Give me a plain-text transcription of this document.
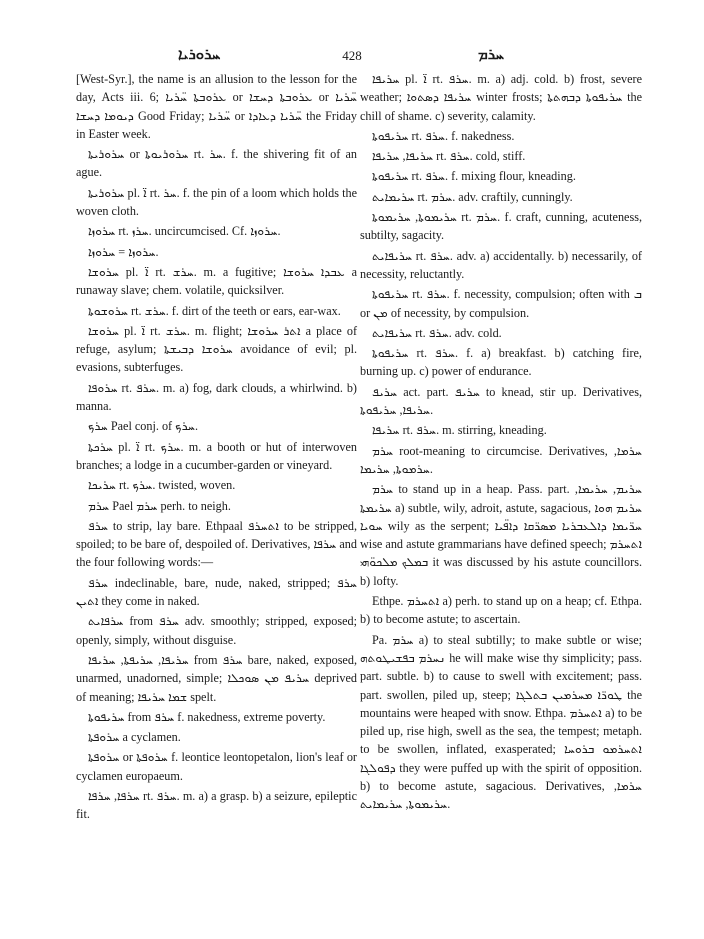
ܚܪܘܪܝܐ	428	ܚܪܡ

[West-Syr.], the name is an allusion to the lesson for the day, Acts iii. 6; ܥܪܘܒܬܐ ܚ̈ܪܝܐ or ܥܪܘܒܬܐ ܕܚܫܐ or ܚ̈ܪܝܐ ܕܝܘܡܐ ܕܚܫܐ Good Friday; ܚ̈ܪܝܐ or ܚ̈ܪܝܐ ܕܥܐܕܐ the Friday in Easter week.

ܚܪܘܪܝܬܐ or ܚܪܘܪܝܘܬܐ rt. ܚܪ. f. the shivering fit of an ague.

ܚܪܘܪܝܬܐ pl. ܐ̈ rt. ܚܪ. f. the pin of a loom which holds the woven cloth.

ܚܪܘܙܐ rt. ܚܪܙ. uncircumcised. Cf. ܚܪܘܙܐ.

ܚܪܘܙܐ = ܚܪܘܙܐ.

ܚܪܘܫܐ pl. ܐ̈ rt. ܚܪܫ. m. a fugitive; ܥܒܕܐ ܚܪܘܫܐ a runaway slave; chem. volatile, quicksilver.

ܚܪܘܫܘܬܐ rt. ܚܪܫ. f. dirt of the teeth or ears, ear-wax.

ܚܪܘܫܐ pl. ܐ̈ rt. ܚܪܫ. m. flight; ܐܬܪ ܚܪܘܫܐ a place of refuge, asylum; ܚܪܘܫܐ ܕܒܝܫܬܐ avoidance of evil; pl. evasions, subterfuges.

ܚܪܘܦܐ rt. ܚܪܦ. m. a) fog, dark clouds, a whirlwind. b) manna.

ܚܪܟ Pael conj. of ܚܪܟ.

ܚܪܟܬܐ pl. ܐ̈ rt. ܚܪܟ. m. a booth or hut of interwoven branches; a lodge in a cucumber-garden or vineyard.

ܚܪܝܟܐ rt. ܚܪܟ. twisted, woven.

ܚܪܡ Pael ܚܪܡ perh. to neigh.

ܚܪܦ to strip, lay bare. Ethpaal ܐܬܚܪܦ to be stripped, spoiled; to be bare of, despoiled of. Derivatives, ܚܪܦܐ and the four following words:—

ܚܪܦ indeclinable, bare, nude, naked, stripped; ܚܪܦ ܐܬܝܢ they come in naked.

ܚܪܦܐܝܬ from ܚܪܦ adv. smoothly; stripped, exposed; openly, simply, without disguise.

ܚܪܝܦܐ, ܚܪܝܦܬܐ, ܚܪܝܦܐ from ܚܪܦ bare, naked, exposed, unarmed, unadorned, simple; ܚܪܝܦ ܡܢ ܣܘܟܠܐ deprived of meaning; ܫܡܐ ܚܪܝܦܐ spelt.

ܚܪܝܦܘܬܐ from ܚܪܦ f. nakedness, extreme poverty.

ܚܪܘܦܬܐ a cyclamen.

ܚܪܘܦܬܐ or ܚܪܘܦܬܐ f. leontice leontopetalon, lion's leaf or cyclamen europaeum.

ܚܪܦܐ, ܚܪܦܐ rt. ܚܪܦ. m. a) a grasp. b) a seizure, epileptic fit.

ܚܪܝܦܐ pl. ܐ̈ rt. ܚܪܦ. m. a) adj. cold. b) frost, severe weather; ܚܪܝܦܐ ܕܣܬܘܐ winter frosts; ܚܪܝܦܘܬܐ ܕܒܗܬܬܐ the chill of shame. c) severity, calamity.

ܚܪܝܦܘܬܐ rt. ܚܪܦ. f. nakedness.

ܚܪܝܦܐ, ܚܪܝܦܐ rt. ܚܪܦ. cold, stiff.

ܚܪܝܦܘܬܐ rt. ܚܪܦ. f. mixing flour, kneading.

ܚܪܝܡܐܝܬ rt. ܚܪܡ. adv. craftily, cunningly.

ܚܪܝܡܘܬܐ, ܚܪܝܡܘܬܐ rt. ܚܪܡ. f. craft, cunning, acuteness, subtilty, sagacity.

ܚܪܝܦܐܝܬ rt. ܚܪܦ. adv. a) accidentally. b) necessarily, of necessity, reluctantly.

ܚܪܝܦܘܬܐ rt. ܚܪܦ. f. necessity, compulsion; often with ܒ or ܡܢ of necessity, by compulsion.

ܚܪܝܦܐܝܬ rt. ܚܪܦ. adv. cold.

ܚܪܝܦܘܬܐ rt. ܚܪܦ. f. a) breakfast. b) catching fire, burning up. c) power of endurance.

ܚܪܝܦ act. part. ܚܪܝܦ to knead, stir up. Derivatives, ܚܪܝܦܐ, ܚܪܝܦܘܬܐ.

ܚܪܝܦܐ rt. ܚܪܦ. m. stirring, kneading.

ܚܪܡ root-meaning to circumcise. Derivatives, ܚܪܡܐ, ܚܪܡܘܬܐ, ܚܪܝܡܐ.

ܚܪܡ to stand up in a heap. Pass. part. ܚܪܝܡ, ܚܪܝܡܐ, ܚܪܝܡܬܐ a) subtle, wily, adroit, astute, sagacious, ܚܪܝܡ ܗܘܐ ܚܘܝܐ wily as the serpent; ܚܪ̈ܝܡܐ ܕܐܠܥܒܪܝܐ ܡܣܪ̈ܩܐ ܕܐܦ̈ܝܐ wise and astute grammarians have defined speech; ܐܬܚܪܡ ܒܡܠܟ ܡܠܟܘ̈ܗܝ it was discussed by his astute councillors. b) lofty.

Ethpe. ܐܬܚܪܡ a) perh. to stand up on a heap; cf. Ethpa. b) to become astute; to ascertain.

Pa. ܚܪܡ a) to steal subtilly; to make subtle or wise; ܢܚܪܡ ܒܦܫܝܛܘܬܗ he will make wise thy simplicity; pass. part. subtle. b) to cause to swell with excitement; pass. part. swollen, piled up, steep; ܛܘܪ̈ܐ ܡܚܪܡܝܢ ܒܬܠܓܐ the mountains were heaped with snow. Ethpa. ܐܬܚܪܡ a) to be piled up, rise high, swell as the sea, the tempest; metaph. to be swollen, inflated, exasperated; ܐܬܚܪܡܘ ܒܪܘܚܐ ܕܦܘܠܓܐ they were puffed up with the spirit of opposition. b) to become astute, sagacious. Derivatives, ܚܪܡܐ, ܚܪܝܡܘܬܐ, ܚܪܝܡܐܝܬ.
